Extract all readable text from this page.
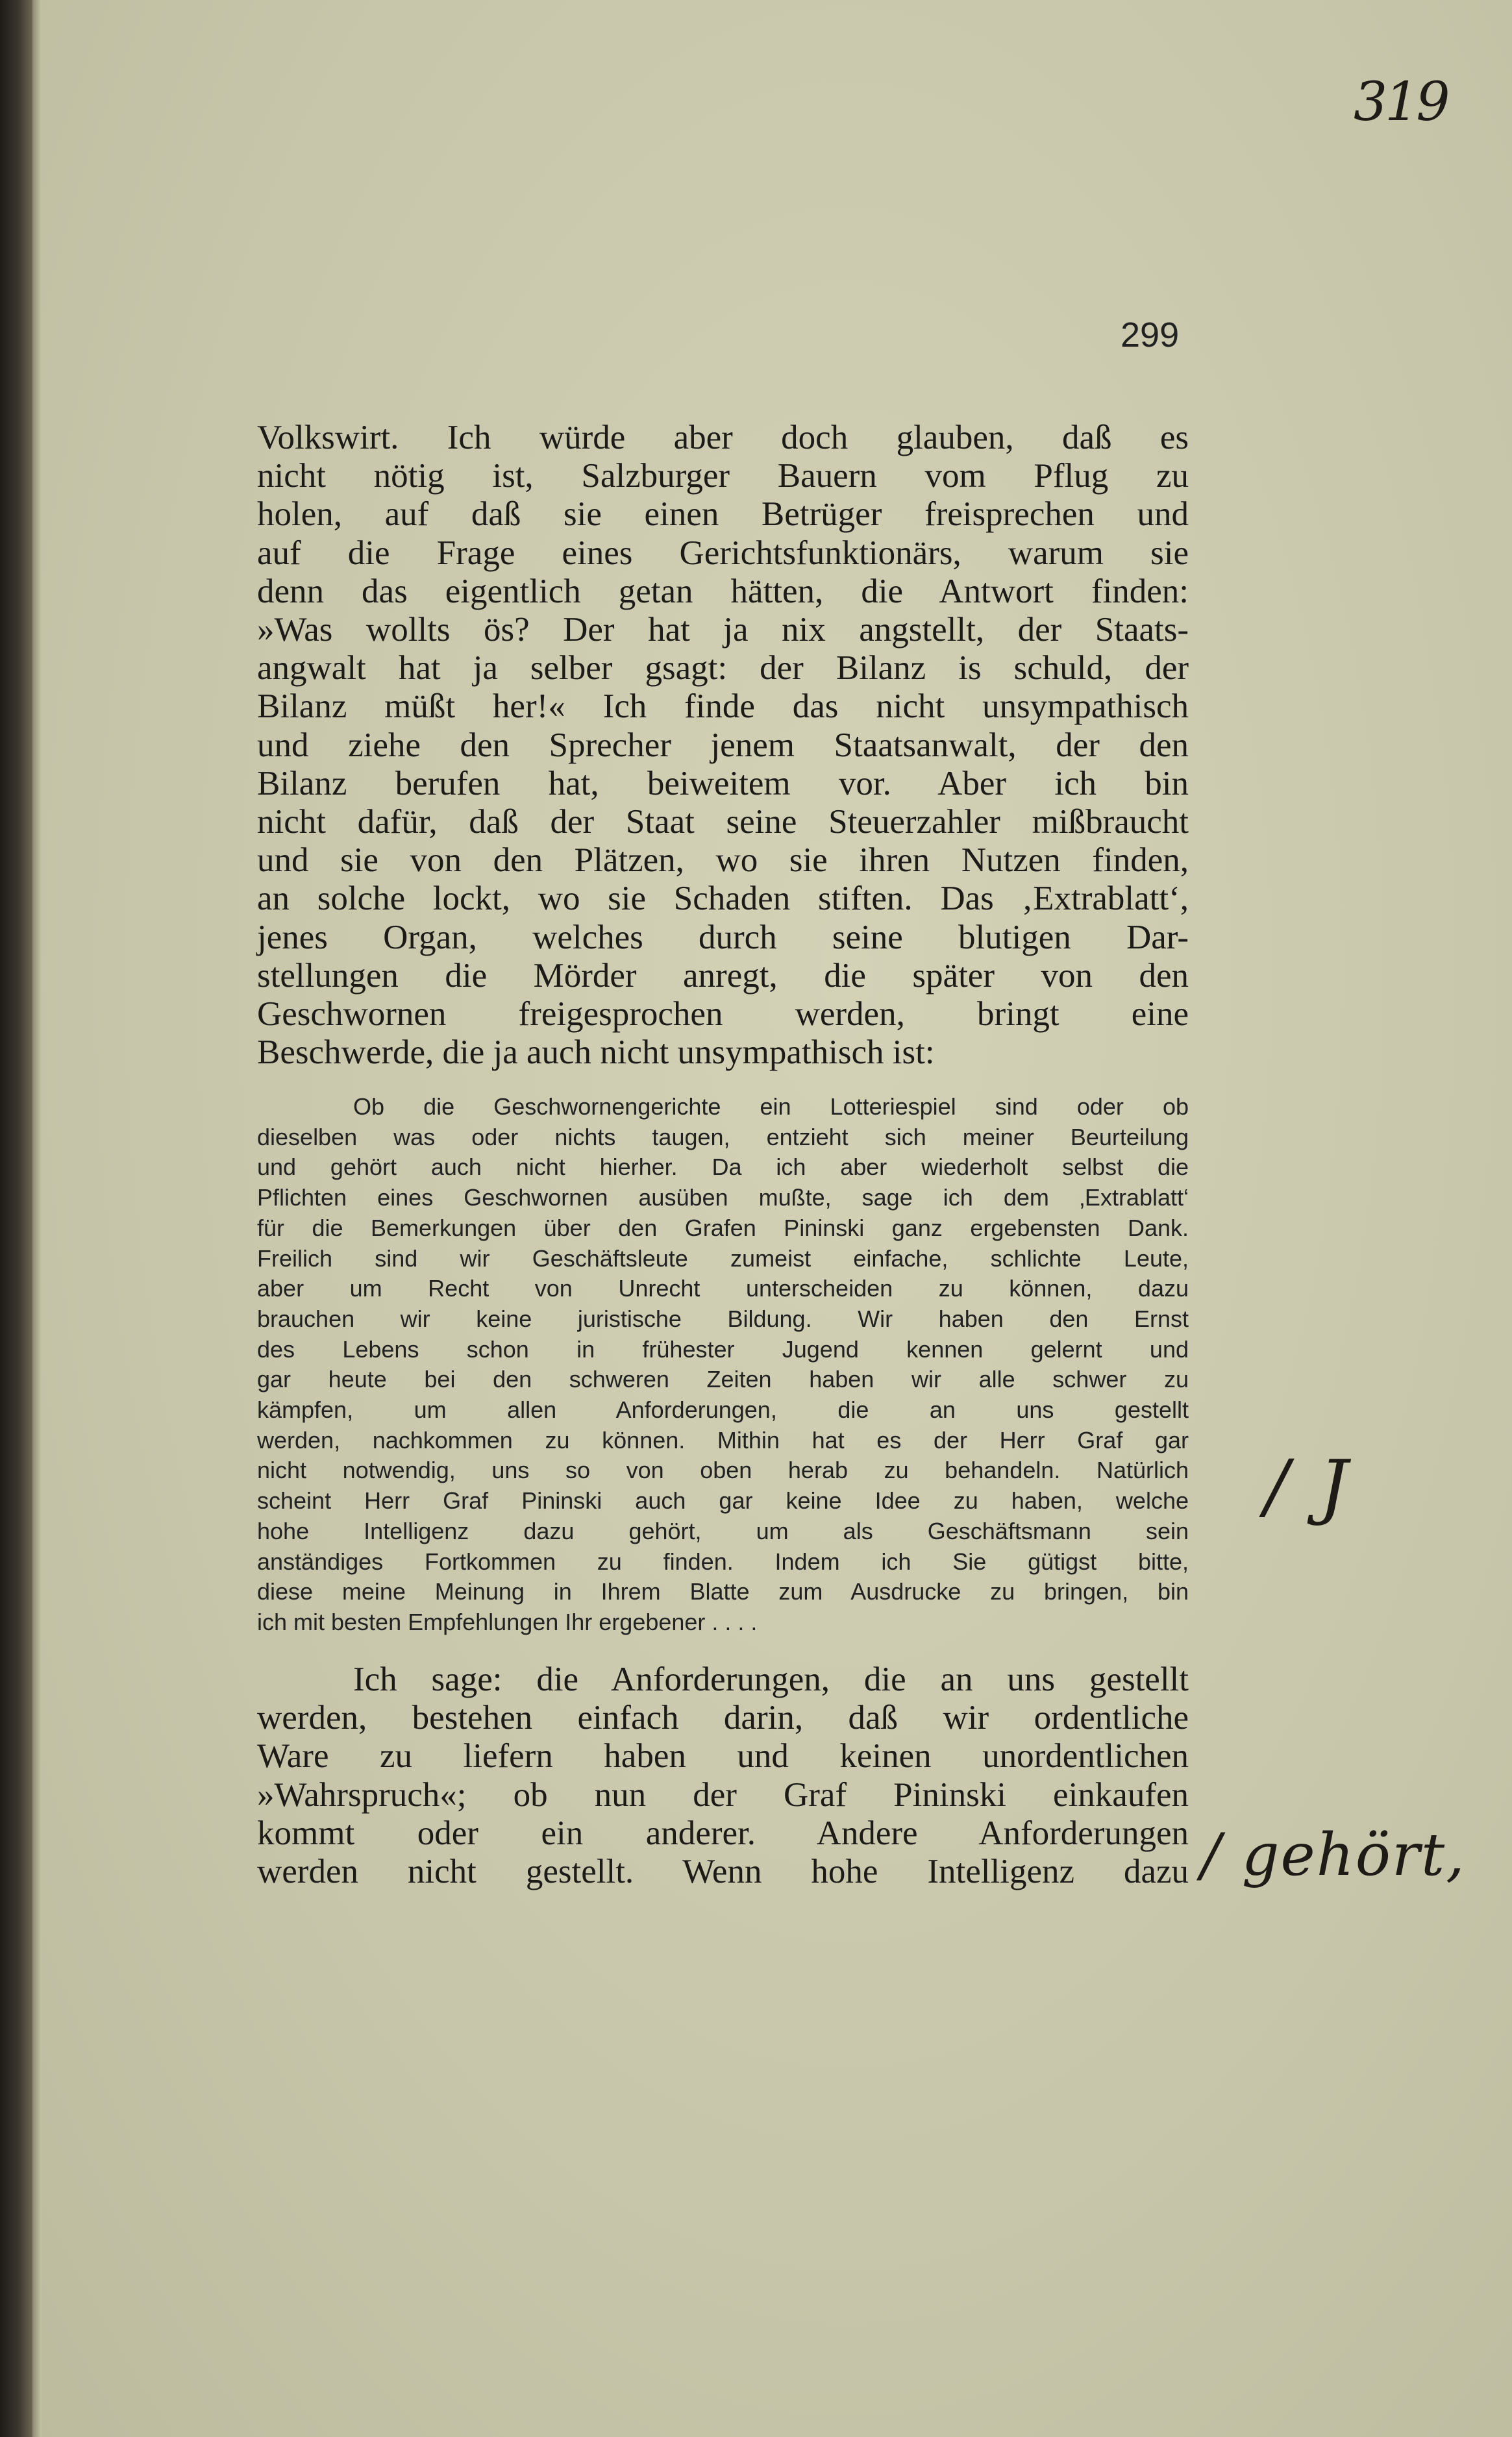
319
299
Volkswirt. Ich würde aber doch glauben, daß es
nicht nötig ist, Salzburger Bauern vom Pflug zu
holen, auf daß sie einen Betrüger freisprechen und
auf die Frage eines Gerichtsfunktionärs, warum sie
denn das eigentlich getan hätten, die Antwort finden:
»Was wollts ös? Der hat ja nix angstellt, der Staats-
angwalt hat ja selber gsagt: der Bilanz is schuld, der
Bilanz müßt her!« Ich finde das nicht unsympathisch
und ziehe den Sprecher jenem Staatsanwalt, der den
Bilanz berufen hat, beiweitem vor. Aber ich bin
nicht dafür, daß der Staat seine Steuerzahler mißbraucht
und sie von den Plätzen, wo sie ihren Nutzen finden,
an solche lockt, wo sie Schaden stiften. Das ‚Extrablatt‘,
jenes Organ, welches durch seine blutigen Dar-
stellungen die Mörder anregt, die später von den
Geschwornen freigesprochen werden, bringt eine
Beschwerde, die ja auch nicht unsympathisch ist:
Ob die Geschwornengerichte ein Lotteriespiel sind oder ob
dieselben was oder nichts taugen, entzieht sich meiner Beurteilung
und gehört auch nicht hierher. Da ich aber wiederholt selbst die
Pflichten eines Geschwornen ausüben mußte, sage ich dem ‚Extrablatt‘
für die Bemerkungen über den Grafen Pininski ganz ergebensten Dank.
Freilich sind wir Geschäftsleute zumeist einfache, schlichte Leute,
aber um Recht von Unrecht unterscheiden zu können, dazu
brauchen wir keine juristische Bildung. Wir haben den Ernst
des Lebens schon in frühester Jugend kennen gelernt und
gar heute bei den schweren Zeiten haben wir alle schwer zu
kämpfen, um allen Anforderungen, die an uns gestellt
werden, nachkommen zu können. Mithin hat es der Herr Graf gar
nicht notwendig, uns so von oben herab zu behandeln. Natürlich
scheint Herr Graf Pininski auch gar keine Idee zu haben, welche
hohe Intelligenz dazu gehört, um als Geschäftsmann sein
anständiges Fortkommen zu finden. Indem ich Sie gütigst bitte,
diese meine Meinung in Ihrem Blatte zum Ausdrucke zu bringen, bin
ich mit besten Empfehlungen Ihr ergebener . . . .
Ich sage: die Anforderungen, die an uns gestellt
werden, bestehen einfach darin, daß wir ordentliche
Ware zu liefern haben und keinen unordentlichen
»Wahrspruch«; ob nun der Graf Pininski einkaufen
kommt oder ein anderer. Andere Anforderungen
werden nicht gestellt. Wenn hohe Intelligenz dazu
/ J
/ gehört,
